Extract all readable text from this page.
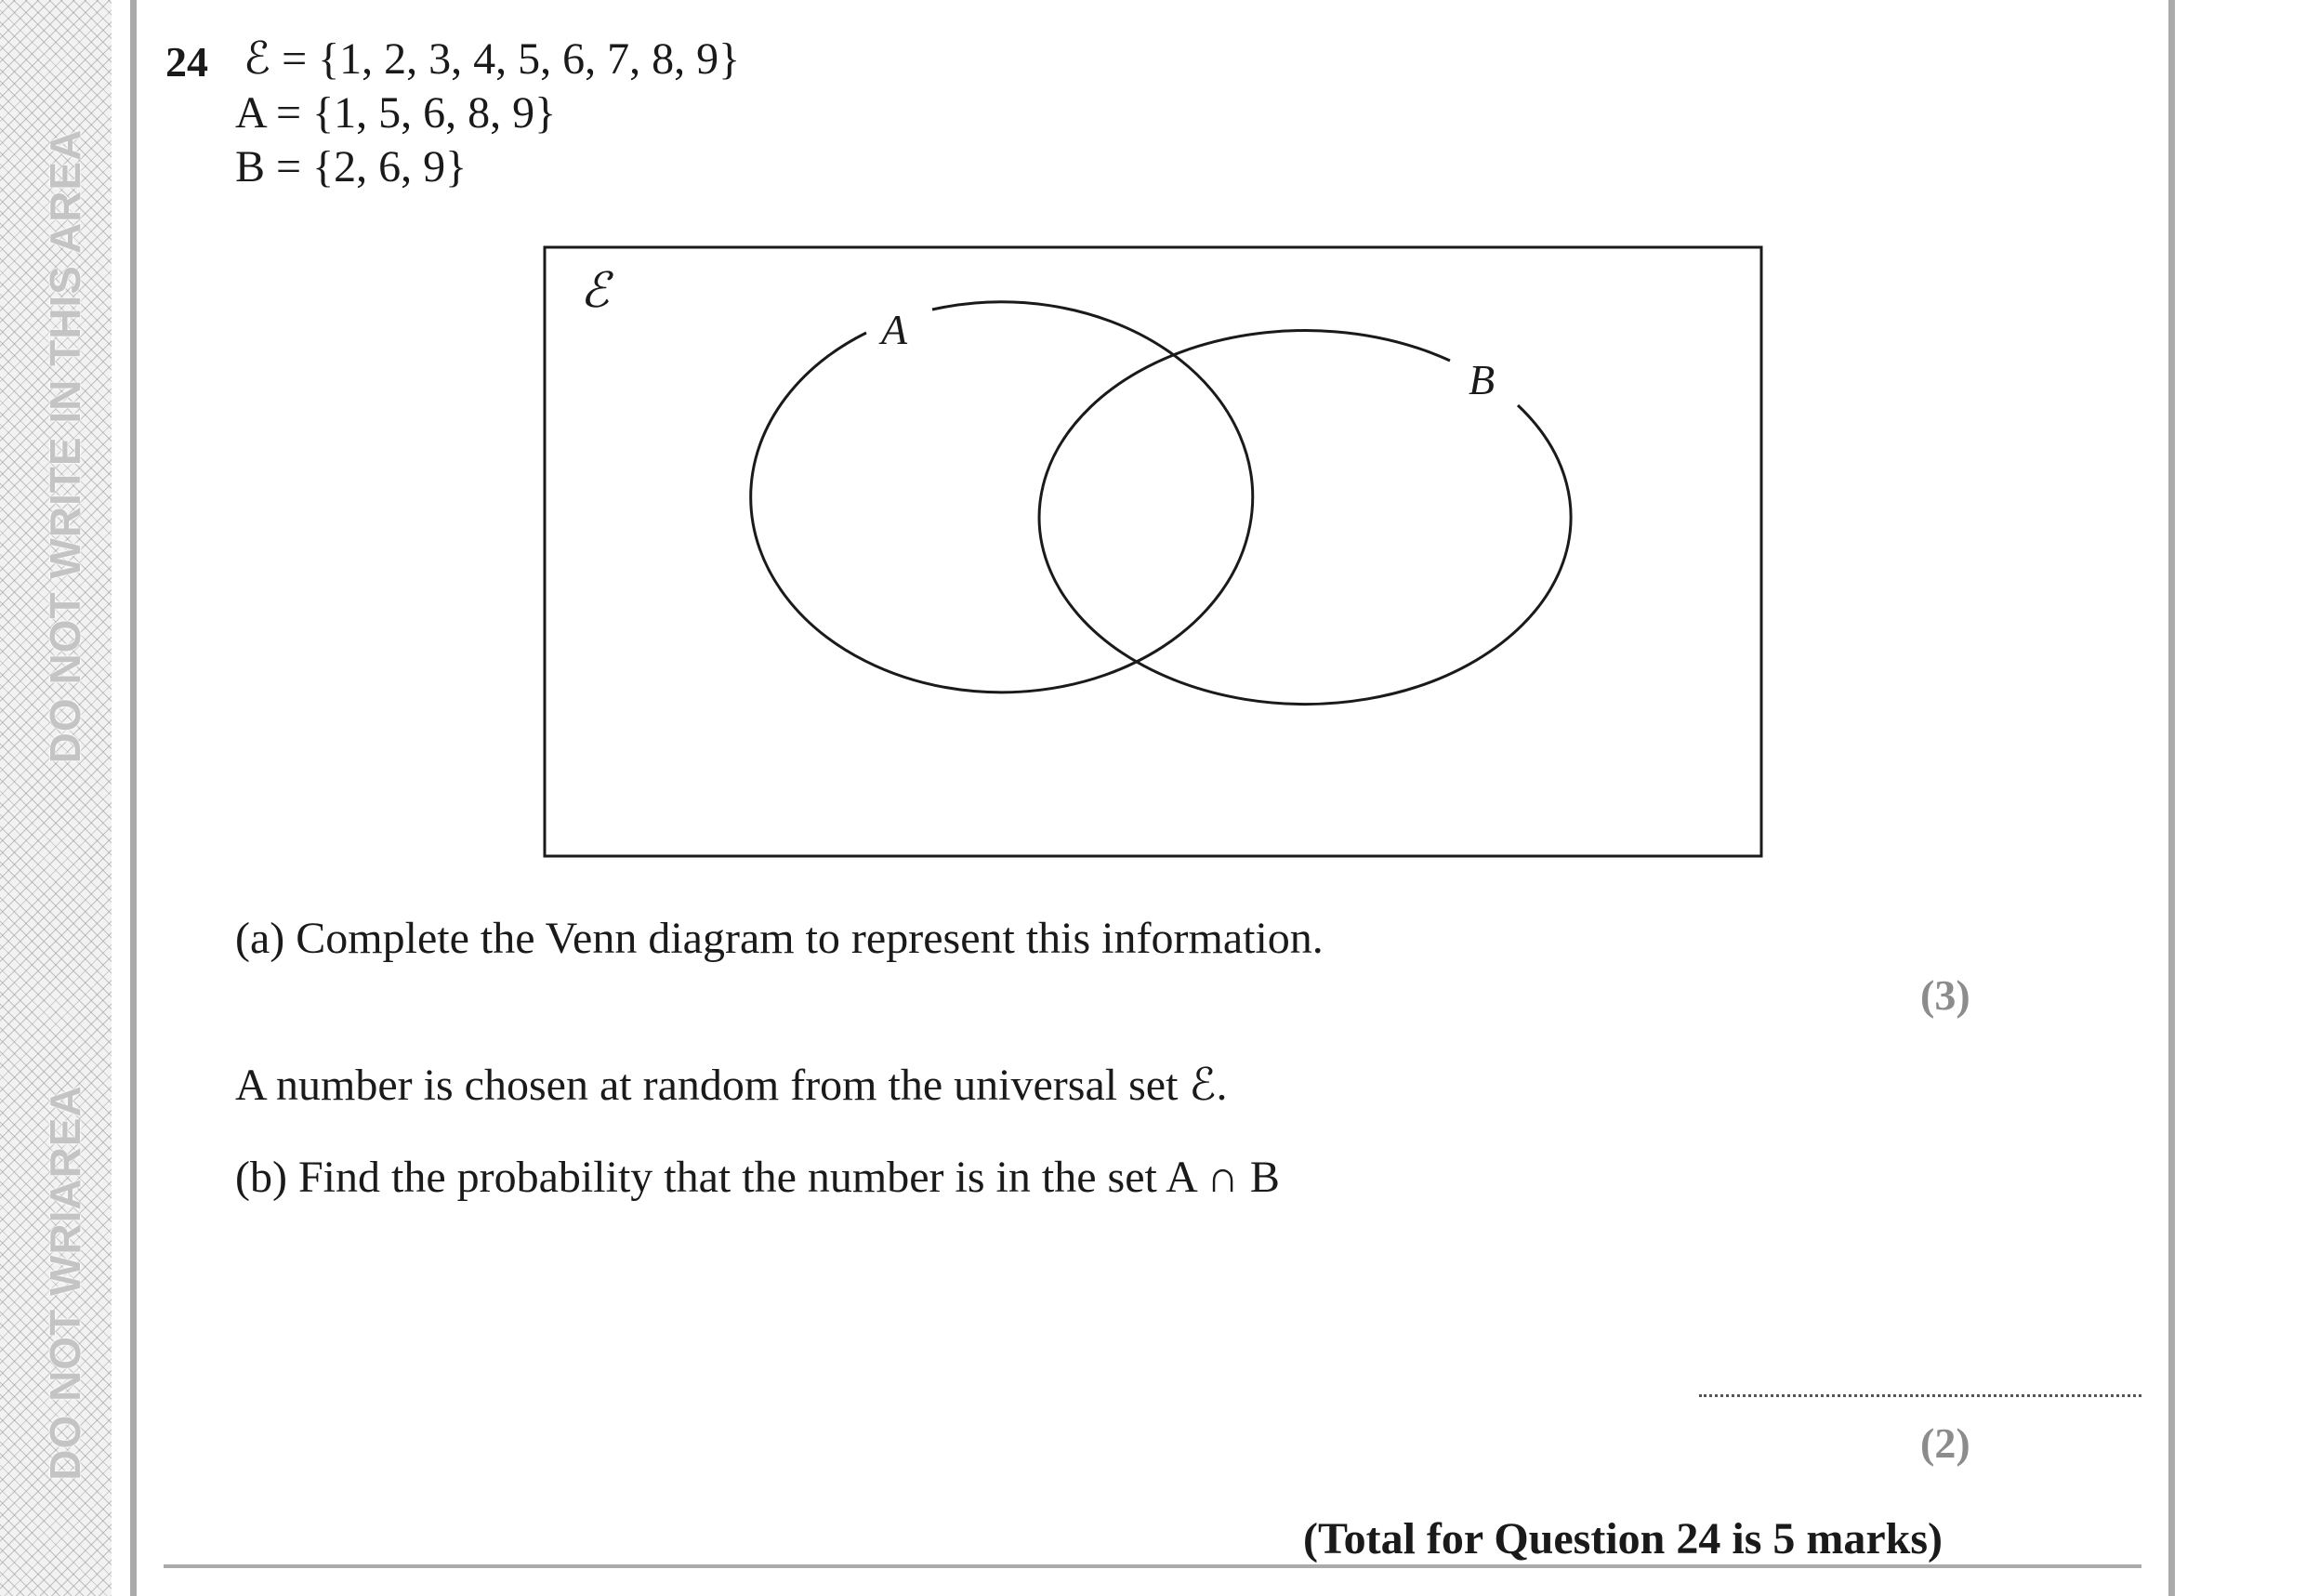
DO NOT WRITE IN THIS AREA
DO NOT WRIAREA
24 ℰ = {1, 2, 3, 4, 5, 6, 7, 8, 9}
A = {1, 5, 6, 8, 9}
B = {2, 6, 9}
ℰ
A
B
(a) Complete the Venn diagram to represent this information.
(3)
A number is chosen at random from the universal set ℰ.
(b) Find the probability that the number is in the set A ∩ B
(2)
(Total for Question 24 is 5 marks)
